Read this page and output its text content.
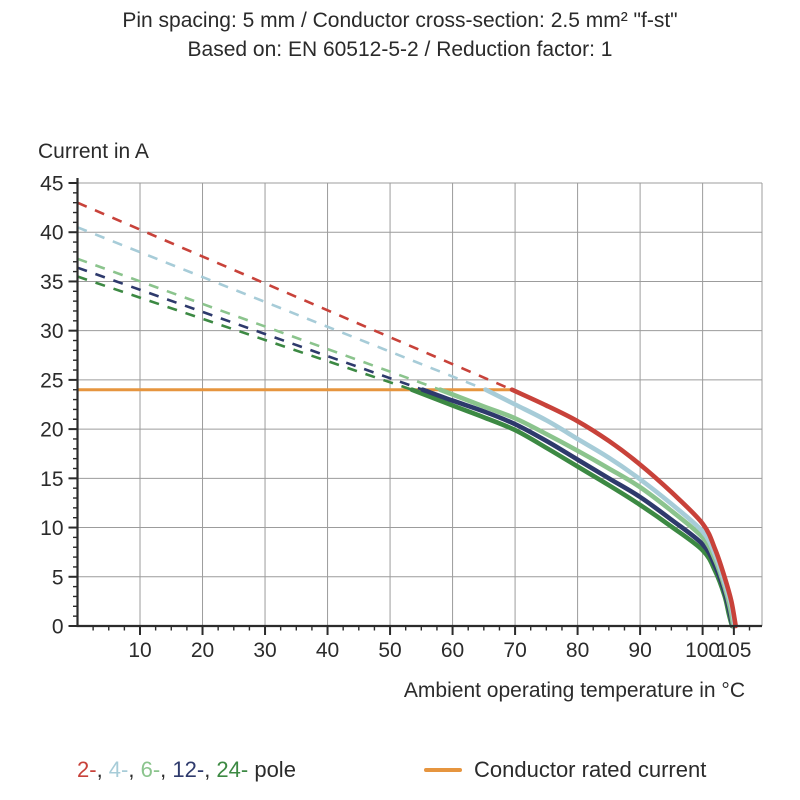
Pin spacing: 5 mm / Conductor cross-section: 2.5 mm² "f-st"
Based on: EN 60512-5-2 / Reduction factor: 1
Current in A
0
5
10
15
20
25
30
35
40
45
10 20 30 40 50 60 70 80 90 100
105
Ambient operating temperature in °C
2-, 4-, 6-, 12-, 24- pole	Conductor rated current
